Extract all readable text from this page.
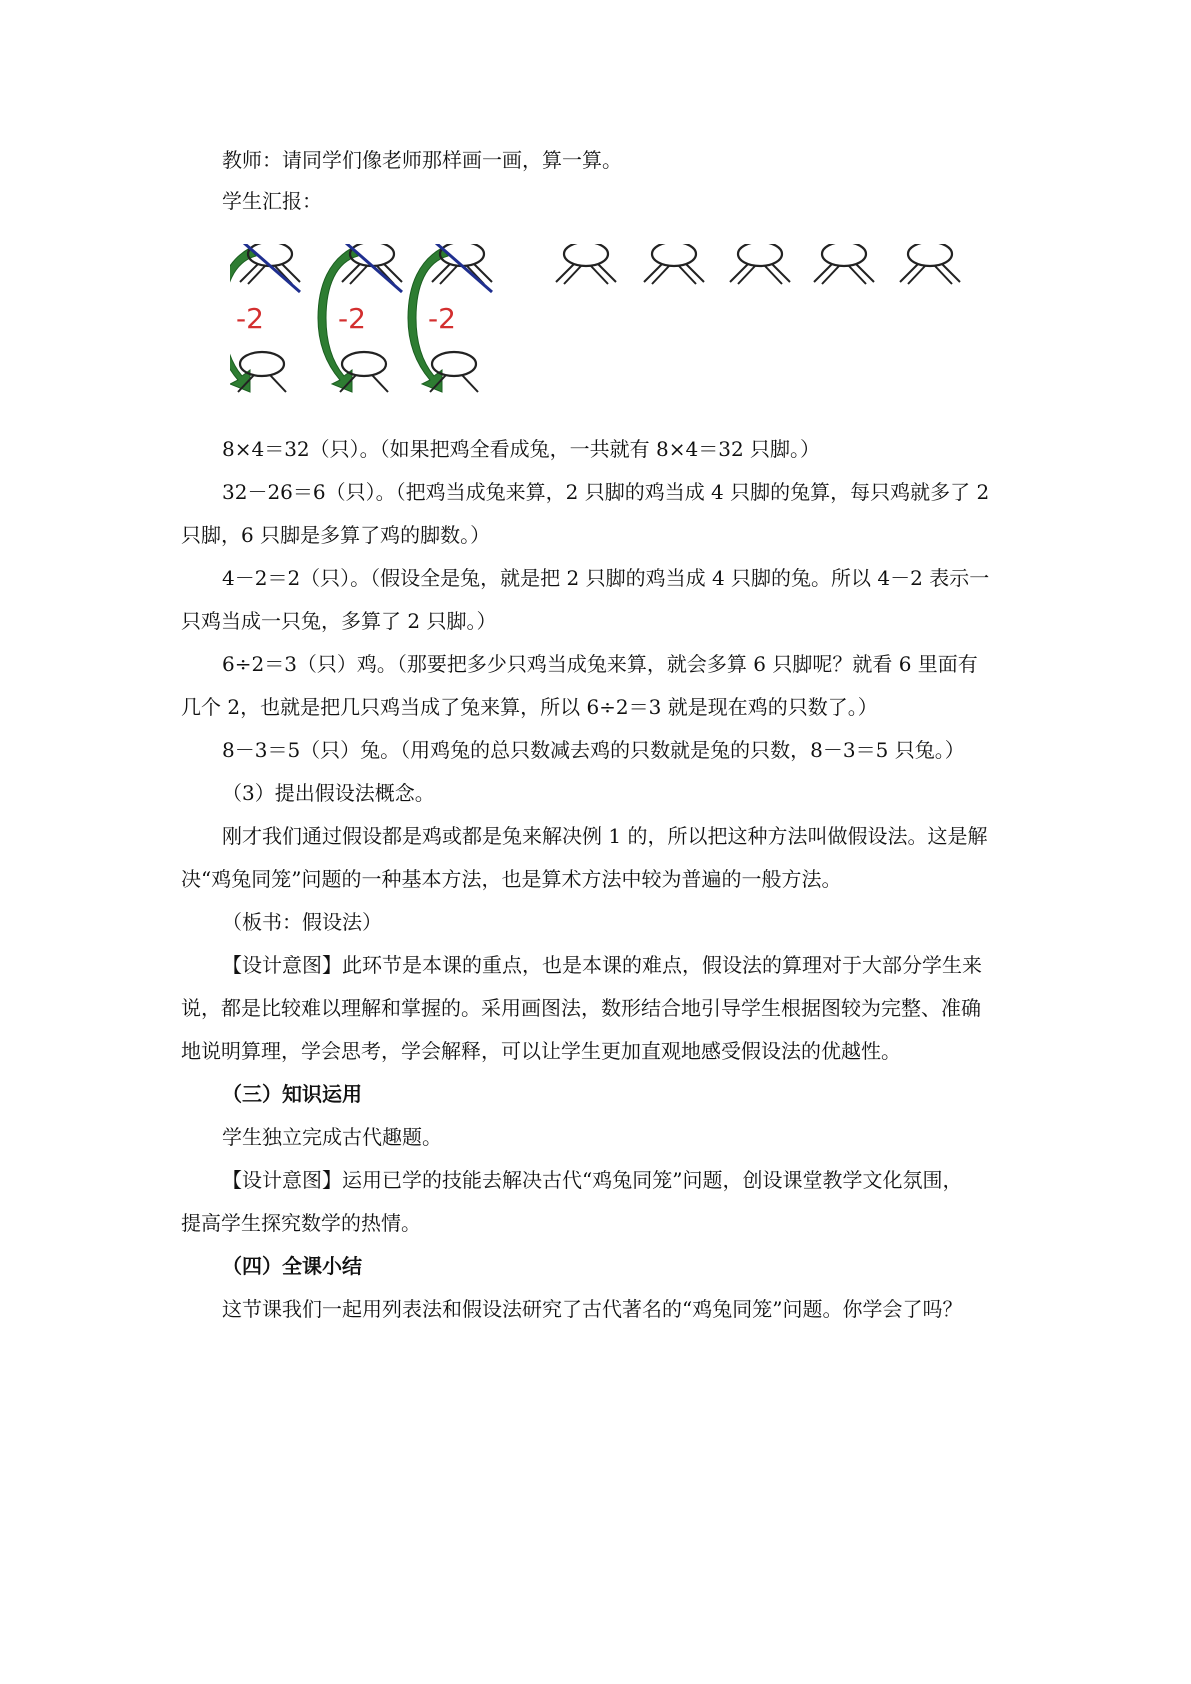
教师：请同学们像老师那样画一画，算一算。
学生汇报：
-2	-2 -2
8×4＝32（只）。（如果把鸡全看成兔，一共就有 8×4＝32 只脚。）
32－26＝6（只）。（把鸡当成兔来算，2 只脚的鸡当成 4 只脚的兔算，每只鸡就多了 2
只脚，6 只脚是多算了鸡的脚数。）
4－2＝2（只）。（假设全是兔，就是把 2 只脚的鸡当成 4 只脚的兔。所以 4－2 表示一
只鸡当成一只兔，多算了 2 只脚。）
6÷2＝3（只）鸡。（那要把多少只鸡当成兔来算，就会多算 6 只脚呢？就看 6 里面有
几个 2，也就是把几只鸡当成了兔来算，所以 6÷2＝3 就是现在鸡的只数了。）
8－3＝5（只）兔。（用鸡兔的总只数减去鸡的只数就是兔的只数，8－3＝5 只兔。）
（3）提出假设法概念。
刚才我们通过假设都是鸡或都是兔来解决例 1 的，所以把这种方法叫做假设法。这是解
决“鸡兔同笼”问题的一种基本方法，也是算术方法中较为普遍的一般方法。
（板书：假设法）
【设计意图】此环节是本课的重点，也是本课的难点，假设法的算理对于大部分学生来
说，都是比较难以理解和掌握的。采用画图法，数形结合地引导学生根据图较为完整、准确
地说明算理，学会思考，学会解释，可以让学生更加直观地感受假设法的优越性。
（三）知识运用
学生独立完成古代趣题。
【设计意图】运用已学的技能去解决古代“鸡兔同笼”问题，创设课堂教学文化氛围，
提高学生探究数学的热情。
（四）全课小结
这节课我们一起用列表法和假设法研究了古代著名的“鸡兔同笼”问题。你学会了吗？
